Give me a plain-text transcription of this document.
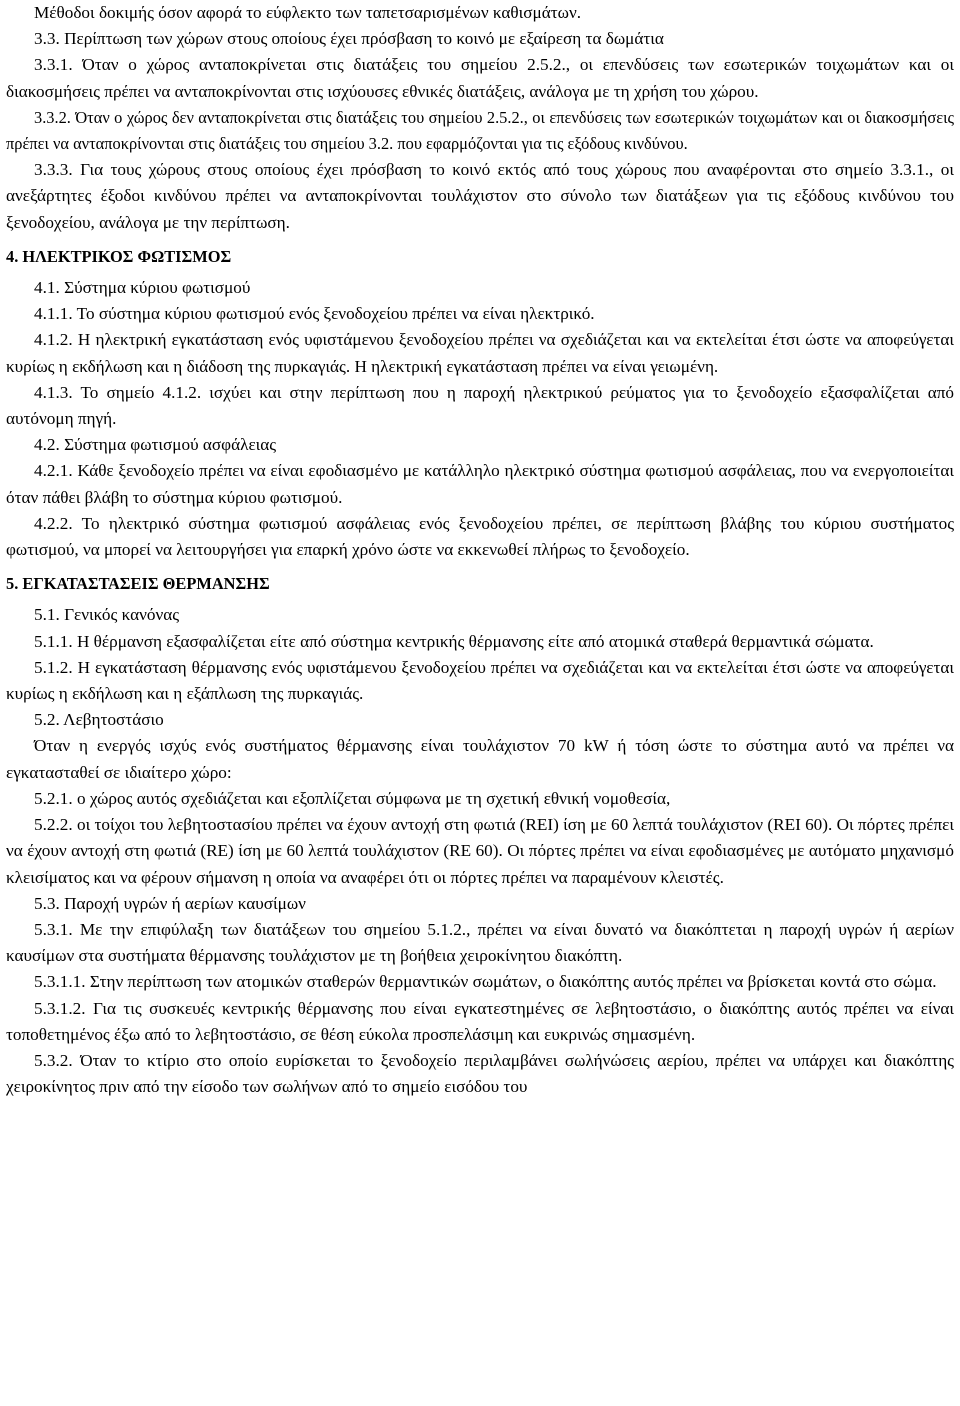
Μέθοδοι δοκιμής όσον αφορά το εύφλεκτο των ταπετσαρισμένων καθισμάτων.

3.3. Περίπτωση των χώρων στους οποίους έχει πρόσβαση το κοινό με εξαίρεση τα δωμάτια

3.3.1. Όταν ο χώρος ανταποκρίνεται στις διατάξεις του σημείου 2.5.2., οι επενδύσεις των εσωτερικών τοιχωμάτων και οι διακοσμήσεις πρέπει να ανταποκρίνονται στις ισχύουσες εθνικές διατάξεις, ανάλογα με τη χρήση του χώρου.

3.3.2. Όταν ο χώρος δεν ανταποκρίνεται στις διατάξεις του σημείου 2.5.2., οι επενδύσεις των εσωτερικών τοιχωμάτων και οι διακοσμήσεις πρέπει να ανταποκρίνονται στις διατάξεις του σημείου 3.2. που εφαρμόζονται για τις εξόδους κινδύνου.

3.3.3. Για τους χώρους στους οποίους έχει πρόσβαση το κοινό εκτός από τους χώρους που αναφέρονται στο σημείο 3.3.1., οι ανεξάρτητες έξοδοι κινδύνου πρέπει να ανταποκρίνονται τουλάχιστον στο σύνολο των διατάξεων για τις εξόδους κινδύνου του ξενοδοχείου, ανάλογα με την περίπτωση.

4. ΗΛΕΚΤΡΙΚΟΣ ΦΩΤΙΣΜΟΣ

4.1. Σύστημα κύριου φωτισμού

4.1.1. Το σύστημα κύριου φωτισμού ενός ξενοδοχείου πρέπει να είναι ηλεκτρικό.

4.1.2. Η ηλεκτρική εγκατάσταση ενός υφιστάμενου ξενοδοχείου πρέπει να σχεδιάζεται και να εκτελείται έτσι ώστε να αποφεύγεται κυρίως η εκδήλωση και η διάδοση της πυρκαγιάς. Η ηλεκτρική εγκατάσταση πρέπει να είναι γειωμένη.

4.1.3. Το σημείο 4.1.2. ισχύει και στην περίπτωση που η παροχή ηλεκτρικού ρεύματος για το ξενοδοχείο εξασφαλίζεται από αυτόνομη πηγή.

4.2. Σύστημα φωτισμού ασφάλειας

4.2.1. Κάθε ξενοδοχείο πρέπει να είναι εφοδιασμένο με κατάλληλο ηλεκτρικό σύστημα φωτισμού ασφάλειας, που να ενεργοποιείται όταν πάθει βλάβη το σύστημα κύριου φωτισμού.

4.2.2. Το ηλεκτρικό σύστημα φωτισμού ασφάλειας ενός ξενοδοχείου πρέπει, σε περίπτωση βλάβης του κύριου συστήματος φωτισμού, να μπορεί να λειτουργήσει για επαρκή χρόνο ώστε να εκκενωθεί πλήρως το ξενοδοχείο.

5. ΕΓΚΑΤΑΣΤΑΣΕΙΣ ΘΕΡΜΑΝΣΗΣ

5.1. Γενικός κανόνας

5.1.1. Η θέρμανση εξασφαλίζεται είτε από σύστημα κεντρικής θέρμανσης είτε από ατομικά σταθερά θερμαντικά σώματα.

5.1.2. Η εγκατάσταση θέρμανσης ενός υφιστάμενου ξενοδοχείου πρέπει να σχεδιάζεται και να εκτελείται έτσι ώστε να αποφεύγεται κυρίως η εκδήλωση και η εξάπλωση της πυρκαγιάς.

5.2. Λεβητοστάσιο

Όταν η ενεργός ισχύς ενός συστήματος θέρμανσης είναι τουλάχιστον 70 kW ή τόση ώστε το σύστημα αυτό να πρέπει να εγκατασταθεί σε ιδιαίτερο χώρο:

5.2.1. ο χώρος αυτός σχεδιάζεται και εξοπλίζεται σύμφωνα με τη σχετική εθνική νομοθεσία,

5.2.2. οι τοίχοι του λεβητοστασίου πρέπει να έχουν αντοχή στη φωτιά (REI) ίση με 60 λεπτά τουλάχιστον (REI 60). Οι πόρτες πρέπει να έχουν αντοχή στη φωτιά (RE) ίση με 60 λεπτά τουλάχιστον (RE 60). Οι πόρτες πρέπει να είναι εφοδιασμένες με αυτόματο μηχανισμό κλεισίματος και να φέρουν σήμανση η οποία να αναφέρει ότι οι πόρτες πρέπει να παραμένουν κλειστές.

5.3. Παροχή υγρών ή αερίων καυσίμων

5.3.1. Με την επιφύλαξη των διατάξεων του σημείου 5.1.2., πρέπει να είναι δυνατό να διακόπτεται η παροχή υγρών ή αερίων καυσίμων στα συστήματα θέρμανσης τουλάχιστον με τη βοήθεια χειροκίνητου διακόπτη.

5.3.1.1. Στην περίπτωση των ατομικών σταθερών θερμαντικών σωμάτων, ο διακόπτης αυτός πρέπει να βρίσκεται κοντά στο σώμα.

5.3.1.2. Για τις συσκευές κεντρικής θέρμανσης που είναι εγκατεστημένες σε λεβητοστάσιο, ο διακόπτης αυτός πρέπει να είναι τοποθετημένος έξω από το λεβητοστάσιο, σε θέση εύκολα προσπελάσιμη και ευκρινώς σημασμένη.

5.3.2. Όταν το κτίριο στο οποίο ευρίσκεται το ξενοδοχείο περιλαμβάνει σωλήνώσεις αερίου, πρέπει να υπάρχει και διακόπτης χειροκίνητος πριν από την είσοδο των σωλήνων από το σημείο εισόδου του
